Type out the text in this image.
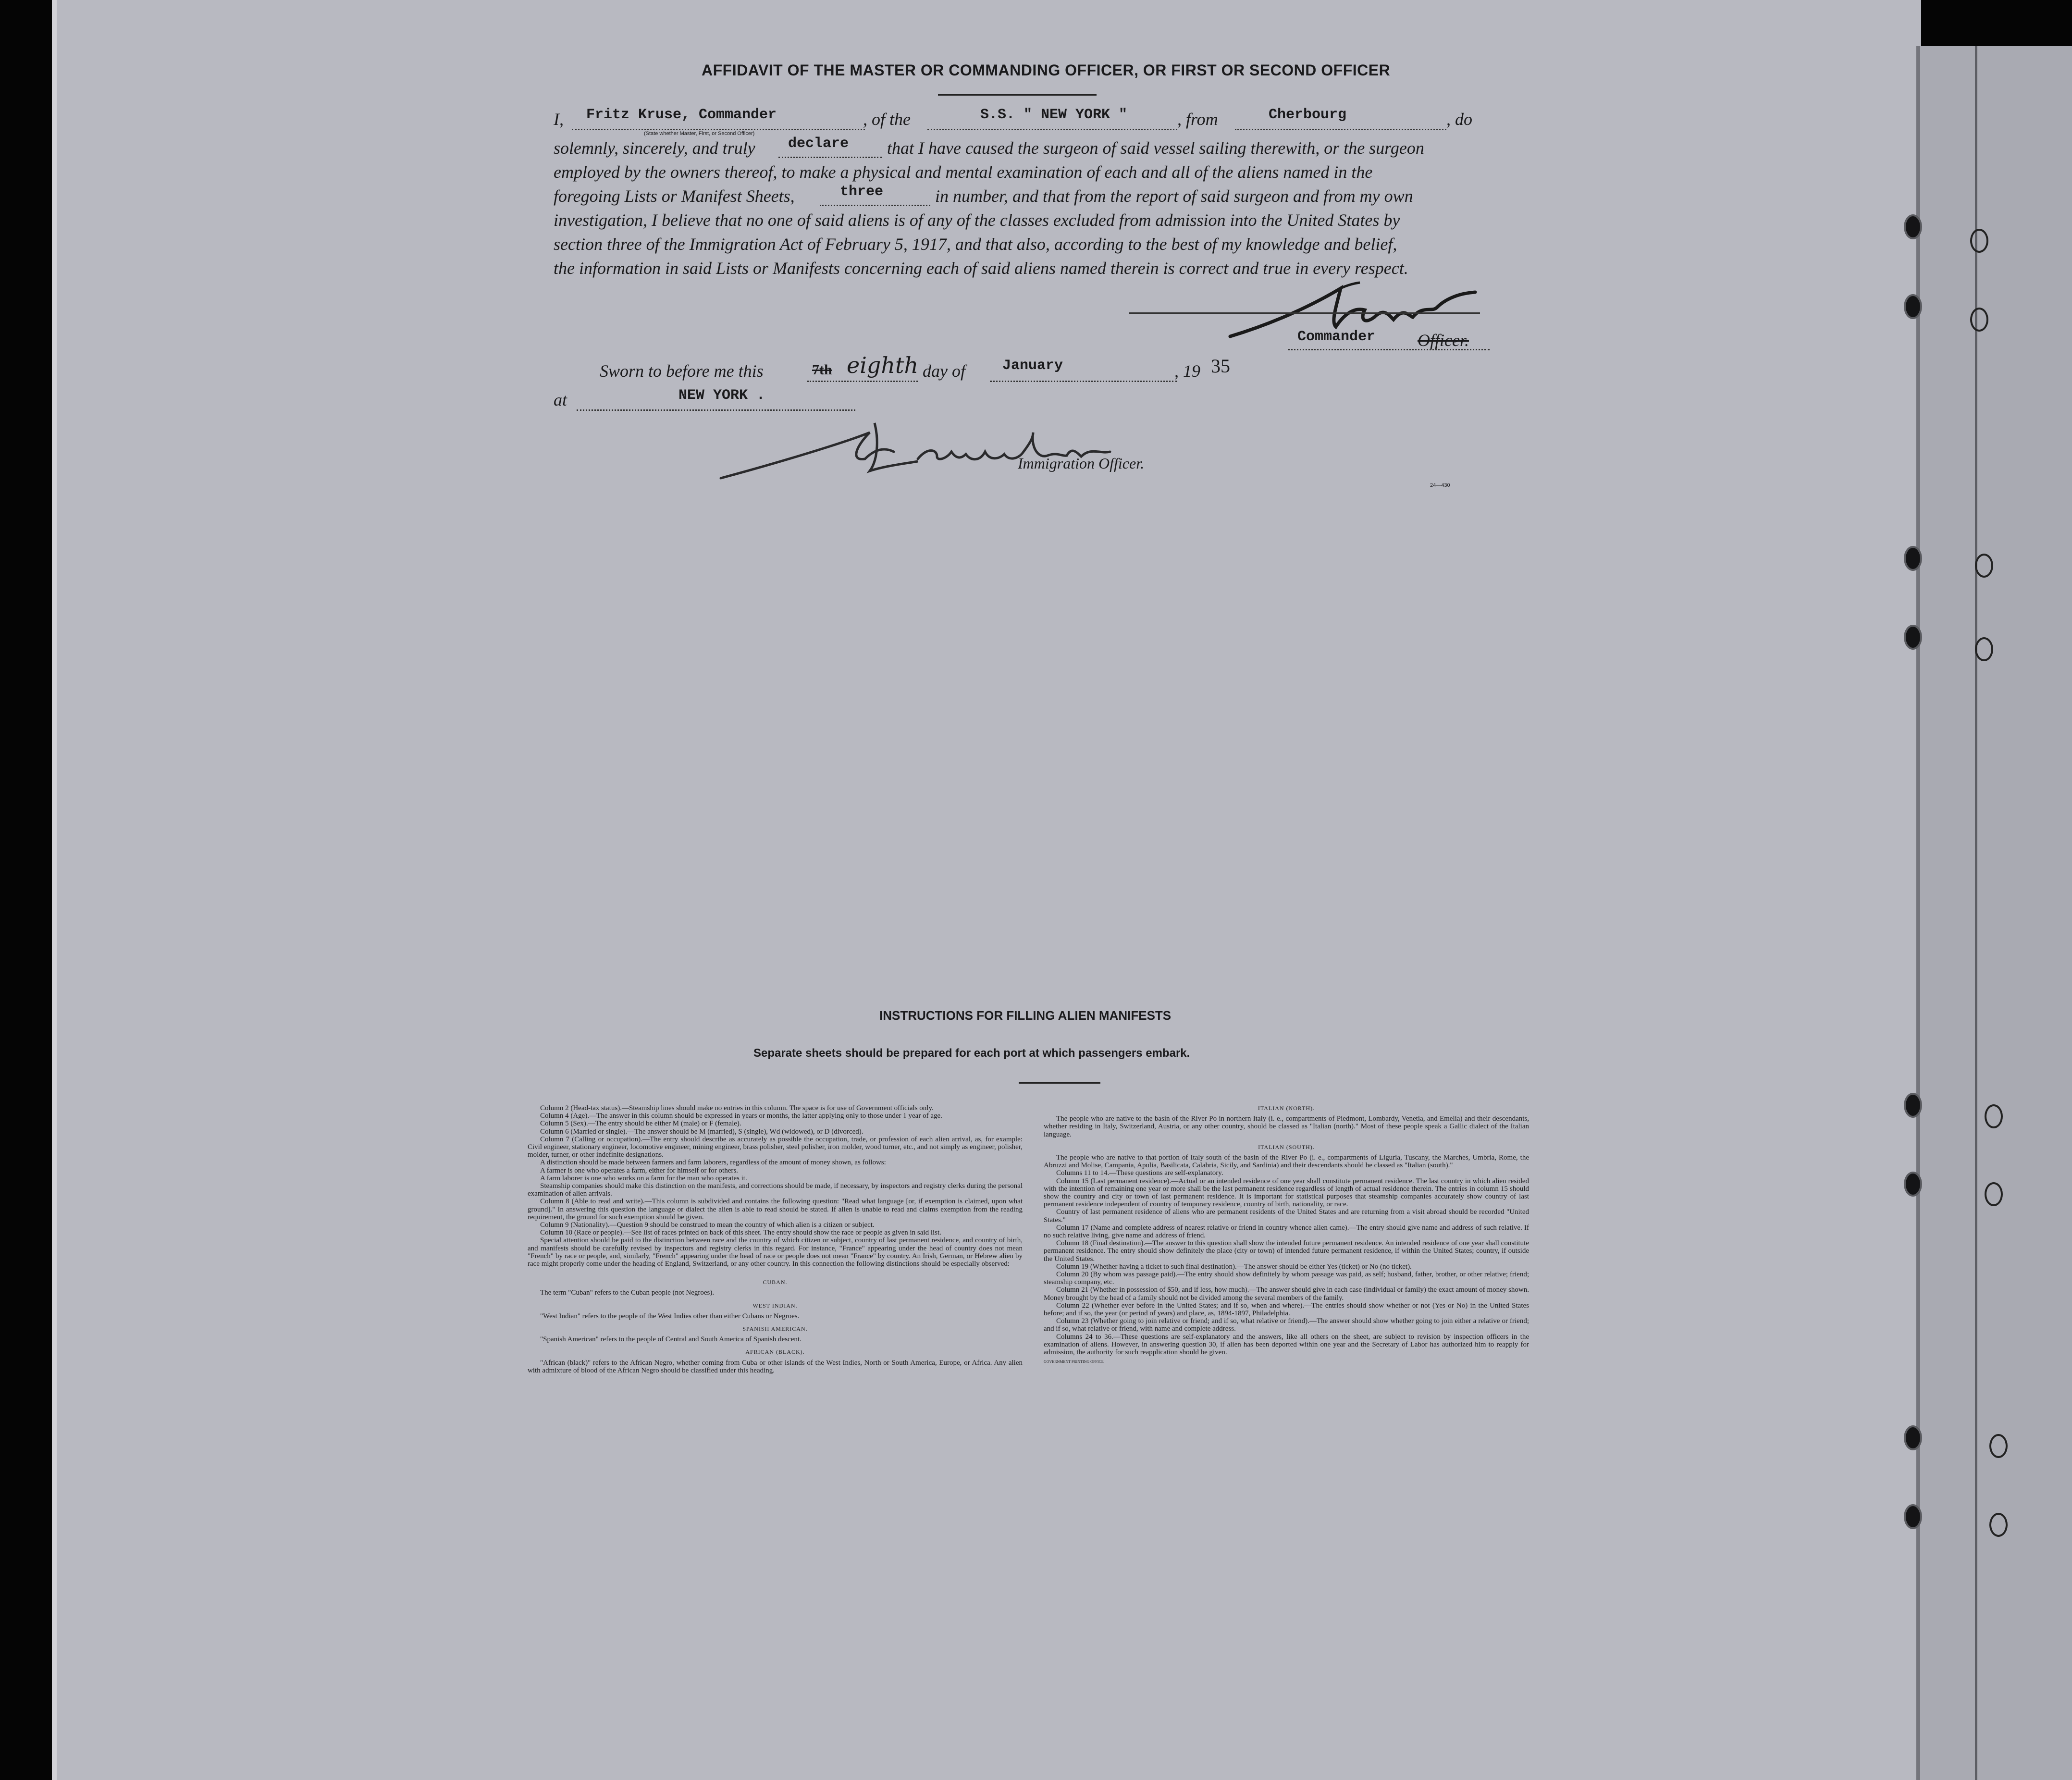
AFFIDAVIT OF THE MASTER OR COMMANDING OFFICER, OR FIRST OR SECOND OFFICER
I,	Fritz Kruse, Commander
(State whether Master, First, or Second Officer)
, of the	S.S. " NEW YORK "	, from	Cherbourg	, do
solemnly, sincerely, and truly declare that I have caused the surgeon of said vessel sailing therewith, or the surgeon
employed by the owners thereof, to make a physical and mental examination of each and all of the aliens named in the
foregoing Lists or Manifest Sheets,	three	in number, and that from the report of said surgeon and from my own
investigation, I believe that no one of said aliens is of any of the classes excluded from admission into the United States by
section three of the Immigration Act of February 5, 1917, and that also, according to the best of my knowledge and belief,
the information in said Lists or Manifests concerning each of said aliens named therein is correct and true in every respect.
Commander Officer.
Sworn to before me this	7th eighth day of	January	, 19 35
at	NEW YORK .
Immigration Officer.
24—430
INSTRUCTIONS FOR FILLING ALIEN MANIFESTS
Separate sheets should be prepared for each port at which passengers embark.

Column 2 (Head-tax status).—Steamship lines should make no entries in this column. The space is for use of Government officials only.

Column 4 (Age).—The answer in this column should be expressed in years or months, the latter applying only to those under 1 year of age.

Column 5 (Sex).—The entry should be either M (male) or F (female).

Column 6 (Married or single).—The answer should be M (married), S (single), Wd (widowed), or D (divorced).

Column 7 (Calling or occupation).—The entry should describe as accurately as possible the occupation, trade, or profession of each alien arrival, as, for example: Civil engineer, stationary engineer, locomotive engineer, mining engineer, brass polisher, steel polisher, iron molder, wood turner, etc., and not simply as engineer, polisher, molder, turner, or other indefinite designations.

A distinction should be made between farmers and farm laborers, regardless of the amount of money shown, as follows:

A farmer is one who operates a farm, either for himself or for others.

A farm laborer is one who works on a farm for the man who operates it.

Steamship companies should make this distinction on the manifests, and corrections should be made, if necessary, by inspectors and registry clerks during the personal examination of alien arrivals.

Column 8 (Able to read and write).—This column is subdivided and contains the following question: "Read what language [or, if exemption is claimed, upon what ground]." In answering this question the language or dialect the alien is able to read should be stated. If alien is unable to read and claims exemption from the reading requirement, the ground for such exemption should be given.

Column 9 (Nationality).—Question 9 should be construed to mean the country of which alien is a citizen or subject.

Column 10 (Race or people).—See list of races printed on back of this sheet. The entry should show the race or people as given in said list.

Special attention should be paid to the distinction between race and the country of which citizen or subject, country of last permanent residence, and country of birth, and manifests should be carefully revised by inspectors and registry clerks in this regard. For instance, "France" appearing under the head of country does not mean "French" by race or people, and, similarly, "French" appearing under the head of race or people does not mean "France" by country. An Irish, German, or Hebrew alien by race might properly come under the heading of England, Switzerland, or any other country. In this connection the following distinctions should be especially observed:

CUBAN.

The term "Cuban" refers to the Cuban people (not Negroes).

WEST INDIAN.

"West Indian" refers to the people of the West Indies other than either Cubans or Negroes.

SPANISH AMERICAN.

"Spanish American" refers to the people of Central and South America of Spanish descent.

AFRICAN (BLACK).

"African (black)" refers to the African Negro, whether coming from Cuba or other islands of the West Indies, North or South America, Europe, or Africa. Any alien with admixture of blood of the African Negro should be classified under this heading.

ITALIAN (NORTH).

The people who are native to the basin of the River Po in northern Italy (i. e., compartments of Piedmont, Lombardy, Venetia, and Emelia) and their descendants, whether residing in Italy, Switzerland, Austria, or any other country, should be classed as "Italian (north)." Most of these people speak a Gallic dialect of the Italian language.

ITALIAN (SOUTH).

The people who are native to that portion of Italy south of the basin of the River Po (i. e., compartments of Liguria, Tuscany, the Marches, Umbria, Rome, the Abruzzi and Molise, Campania, Apulia, Basilicata, Calabria, Sicily, and Sardinia) and their descendants should be classed as "Italian (south)."

Columns 11 to 14.—These questions are self-explanatory.

Column 15 (Last permanent residence).—Actual or an intended residence of one year shall constitute permanent residence. The last country in which alien resided with the intention of remaining one year or more shall be the last permanent residence regardless of length of actual residence therein. The entries in column 15 should show the country and city or town of last permanent residence. It is important for statistical purposes that steamship companies accurately show country of last permanent residence independent of country of temporary residence, country of birth, nationality, or race.

Country of last permanent residence of aliens who are permanent residents of the United States and are returning from a visit abroad should be recorded "United States."

Column 17 (Name and complete address of nearest relative or friend in country whence alien came).—The entry should give name and address of such relative. If no such relative living, give name and address of friend.

Column 18 (Final destination).—The answer to this question shall show the intended future permanent residence. An intended residence of one year shall constitute permanent residence. The entry should show definitely the place (city or town) of intended future permanent residence, if within the United States; country, if outside the United States.

Column 19 (Whether having a ticket to such final destination).—The answer should be either Yes (ticket) or No (no ticket).

Column 20 (By whom was passage paid).—The entry should show definitely by whom passage was paid, as self; husband, father, brother, or other relative; friend; steamship company, etc.

Column 21 (Whether in possession of $50, and if less, how much).—The answer should give in each case (individual or family) the exact amount of money shown. Money brought by the head of a family should not be divided among the several members of the family.

Column 22 (Whether ever before in the United States; and if so, when and where).—The entries should show whether or not (Yes or No) in the United States before; and if so, the year (or period of years) and place, as, 1894-1897, Philadelphia.

Column 23 (Whether going to join relative or friend; and if so, what relative or friend).—The answer should show whether going to join either a relative or friend; and if so, what relative or friend, with name and complete address.

Columns 24 to 36.—These questions are self-explanatory and the answers, like all others on the sheet, are subject to revision by inspection officers in the examination of aliens. However, in answering question 30, if alien has been deported within one year and the Secretary of Labor has authorized him to reapply for admission, the authority for such reapplication should be given.

GOVERNMENT PRINTING OFFICE
